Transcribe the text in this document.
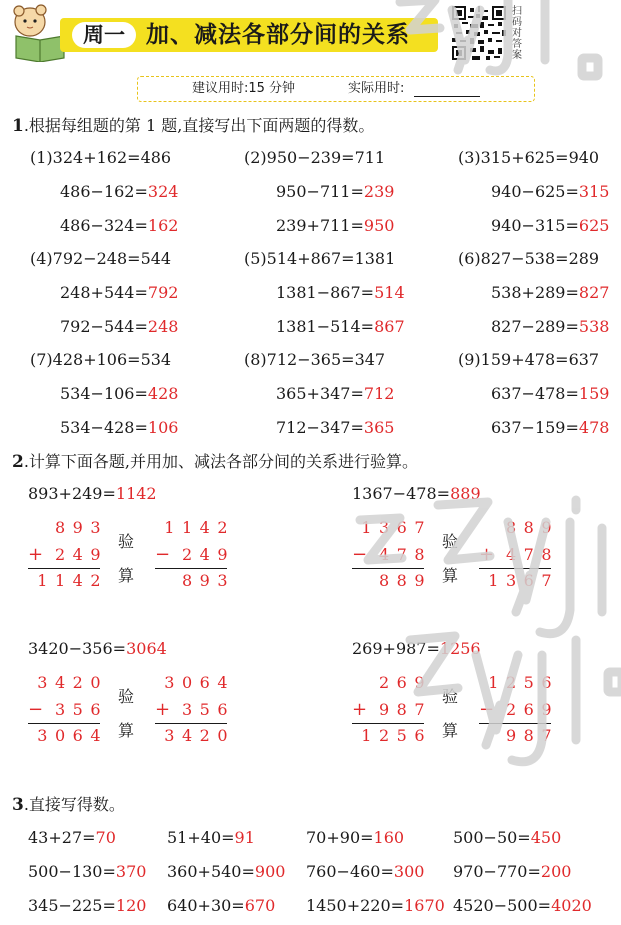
周一 加、减法各部分间的关系
扫码对答案
建议用时:15 分钟	实际用时:
1.根据每组题的第 1 题,直接写出下面两题的得数。
(1)324+162=486
486−162=324
486−324=162
(2)950−239=711
950−711=239
239+711=950
(3)315+625=940
940−625=315
940−315=625
(4)792−248=544
248+544=792
792−544=248
(5)514+867=1381
1381−867=514
1381−514=867
(6)827−538=289
538+289=827
827−289=538
(7)428+106=534
534−106=428
534−428=106
(8)712−365=347
365+347=712
712−347=365
(9)159+478=637
637−478=159
637−159=478
2.计算下面各题,并用加、减法各部分间的关系进行验算。
893+249=1142
893
+ 249
1142
1142
− 249
893
验
算
1367−478=889
1367
− 478
889
889
+ 478
1367
验
算
3420−356=3064
3420
− 356
3064
3064
+ 356
3420
验
算
269+987=1256
269
+ 987
1256
1256
− 269
987
验
算
3.直接写得数。
43+27=70	51+40=91	70+90=160	500−50=450
500−130=370 360+540=900 760−460=300 970−770=200
345−225=120 640+30=670 1450+220=1670 4520−500=4020
